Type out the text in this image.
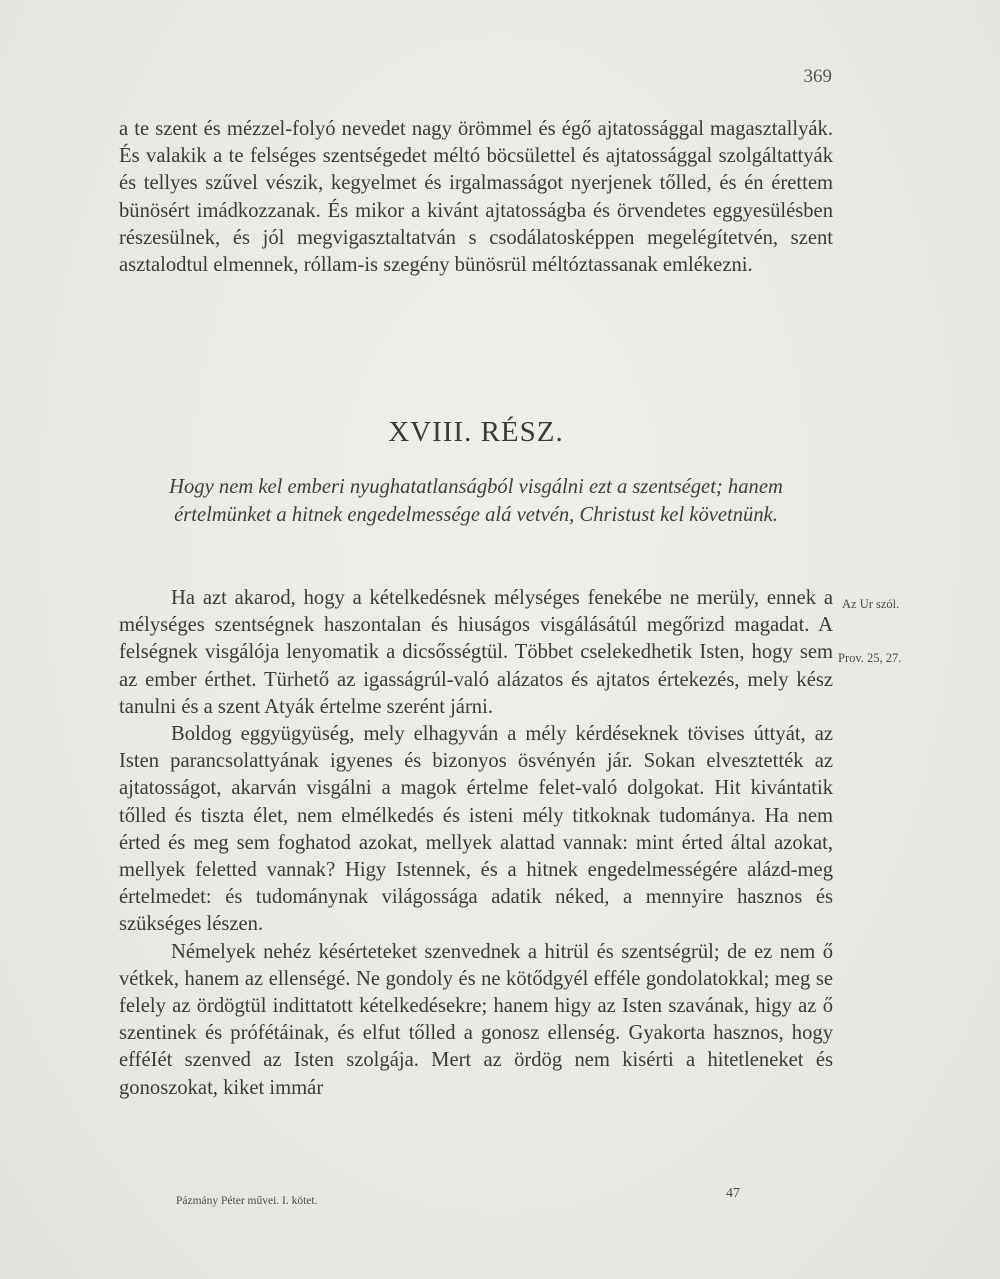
369

a te szent és mézzel-folyó nevedet nagy örömmel és égő ajtatossággal magasztallyák. És valakik a te felséges szentségedet méltó böcsülettel és ajtatossággal szolgáltattyák és tellyes szűvel vészik, kegyelmet és irgalmasságot nyerjenek tőlled, és én érettem bünösért imádkozzanak. És mikor a kivánt ajtatosságba és örvendetes eggyesülésben részesülnek, és jól megvigasztaltatván s csodálatosképpen megelégítetvén, szent asztalodtul elmennek, róllam-is szegény bünösrül méltóztassanak emlékezni.

XVIII. RÉSZ.
Hogy nem kel emberi nyughatatlanságból visgálni ezt a szentséget; hanem értelmünket a hitnek engedelmessége alá vetvén, Christust kel követnünk.

Ha azt akarod, hogy a kételkedésnek mélységes fenekébe ne merüly, ennek a mélységes szentségnek haszontalan és hiuságos visgálásátúl megőrizd magadat. A felségnek visgálója lenyomatik a dicsősségtül. Többet cselekedhetik Isten, hogy sem az ember érthet. Türhető az igasságrúl-való alázatos és ajtatos értekezés, mely kész tanulni és a szent Atyák értelme szerént járni.

Boldog eggyügyüség, mely elhagyván a mély kérdéseknek tövises úttyát, az Isten parancsolattyának igyenes és bizonyos ösvényén jár. Sokan elvesztették az ajtatosságot, akarván visgálni a magok értelme felet-való dolgokat. Hit kivántatik tőlled és tiszta élet, nem elmélkedés és isteni mély titkoknak tudománya. Ha nem érted és meg sem foghatod azokat, mellyek alattad vannak: mint érted által azokat, mellyek feletted vannak? Higy Istennek, és a hitnek engedelmességére alázd-meg értelmedet: és tudománynak világossága adatik néked, a mennyire hasznos és szükséges lészen.

Némelyek nehéz késérteteket szenvednek a hitrül és szentségrül; de ez nem ő vétkek, hanem az ellenségé. Ne gondoly és ne kötődgyél efféle gondolatokkal; meg se felely az ördögtül indittatott kételkedésekre; hanem higy az Isten szavának, higy az ő szentinek és prófétáinak, és elfut tőlled a gonosz ellenség. Gyakorta hasznos, hogy efféIét szenved az Isten szolgája. Mert az ördög nem kisérti a hitetleneket és gonoszokat, kiket immár

Az Ur szól.
Prov. 25, 27.
Pázmány Péter művei. I. kötet.	47
